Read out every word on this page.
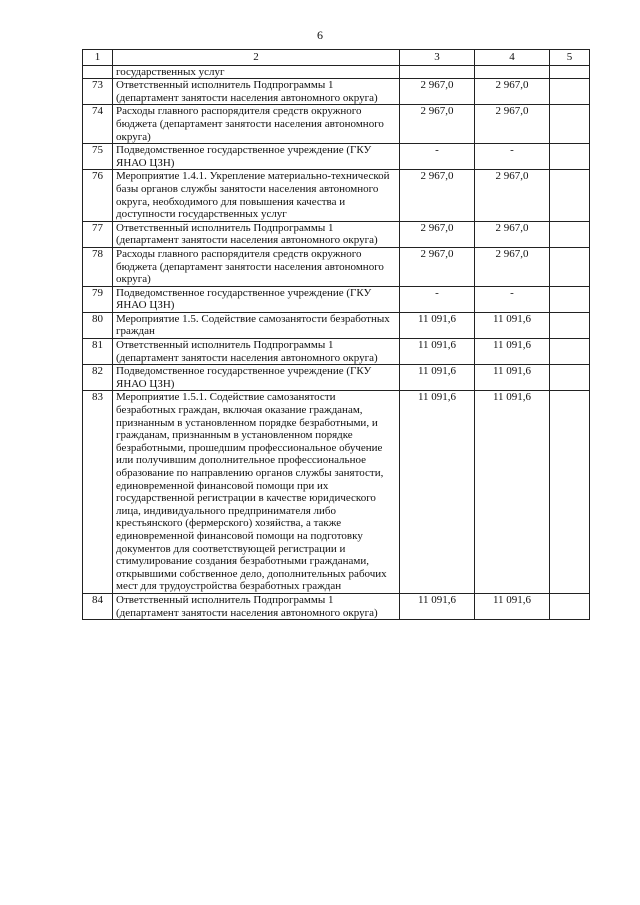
6
1	2	3	4	5
	государственных услуг			
73	Ответственный исполнитель Подпрограммы 1 (департамент занятости населения автономного округа)	2 967,0	2 967,0	
74	Расходы главного распорядителя средств окружного бюджета (департамент занятости населения автономного округа)	2 967,0	2 967,0	
75	Подведомственное государственное учреждение (ГКУ ЯНАО ЦЗН)	-	-	
76	Мероприятие 1.4.1. Укрепление материально-технической базы органов службы занятости населения автономного округа, необходимого для повышения качества и доступности государственных услуг	2 967,0	2 967,0	
77	Ответственный исполнитель Подпрограммы 1 (департамент занятости населения автономного округа)	2 967,0	2 967,0	
78	Расходы главного распорядителя средств окружного бюджета (департамент занятости населения автономного округа)	2 967,0	2 967,0	
79	Подведомственное государственное учреждение (ГКУ ЯНАО ЦЗН)	-	-	
80	Мероприятие 1.5. Содействие самозанятости безработных граждан	11 091,6	11 091,6	
81	Ответственный исполнитель Подпрограммы 1 (департамент занятости населения автономного округа)	11 091,6	11 091,6	
82	Подведомственное государственное учреждение (ГКУ ЯНАО ЦЗН)	11 091,6	11 091,6	
83	Мероприятие 1.5.1. Содействие самозанятости безработных граждан, включая оказание гражданам, признанным в установленном порядке безработными, и гражданам, признанным в установленном порядке безработными, прошедшим профессиональное обучение или получившим дополнительное профессиональное образование по направлению органов службы занятости, единовременной финансовой помощи при их государственной регистрации в качестве юридического лица, индивидуального предпринимателя либо крестьянского (фермерского) хозяйства, а также единовременной финансовой помощи на подготовку документов для соответствующей регистрации и стимулирование создания безработными гражданами, открывшими собственное дело, дополнительных рабочих мест для трудоустройства безработных граждан	11 091,6	11 091,6	
84	Ответственный исполнитель Подпрограммы 1 (департамент занятости населения автономного округа)	11 091,6	11 091,6	
